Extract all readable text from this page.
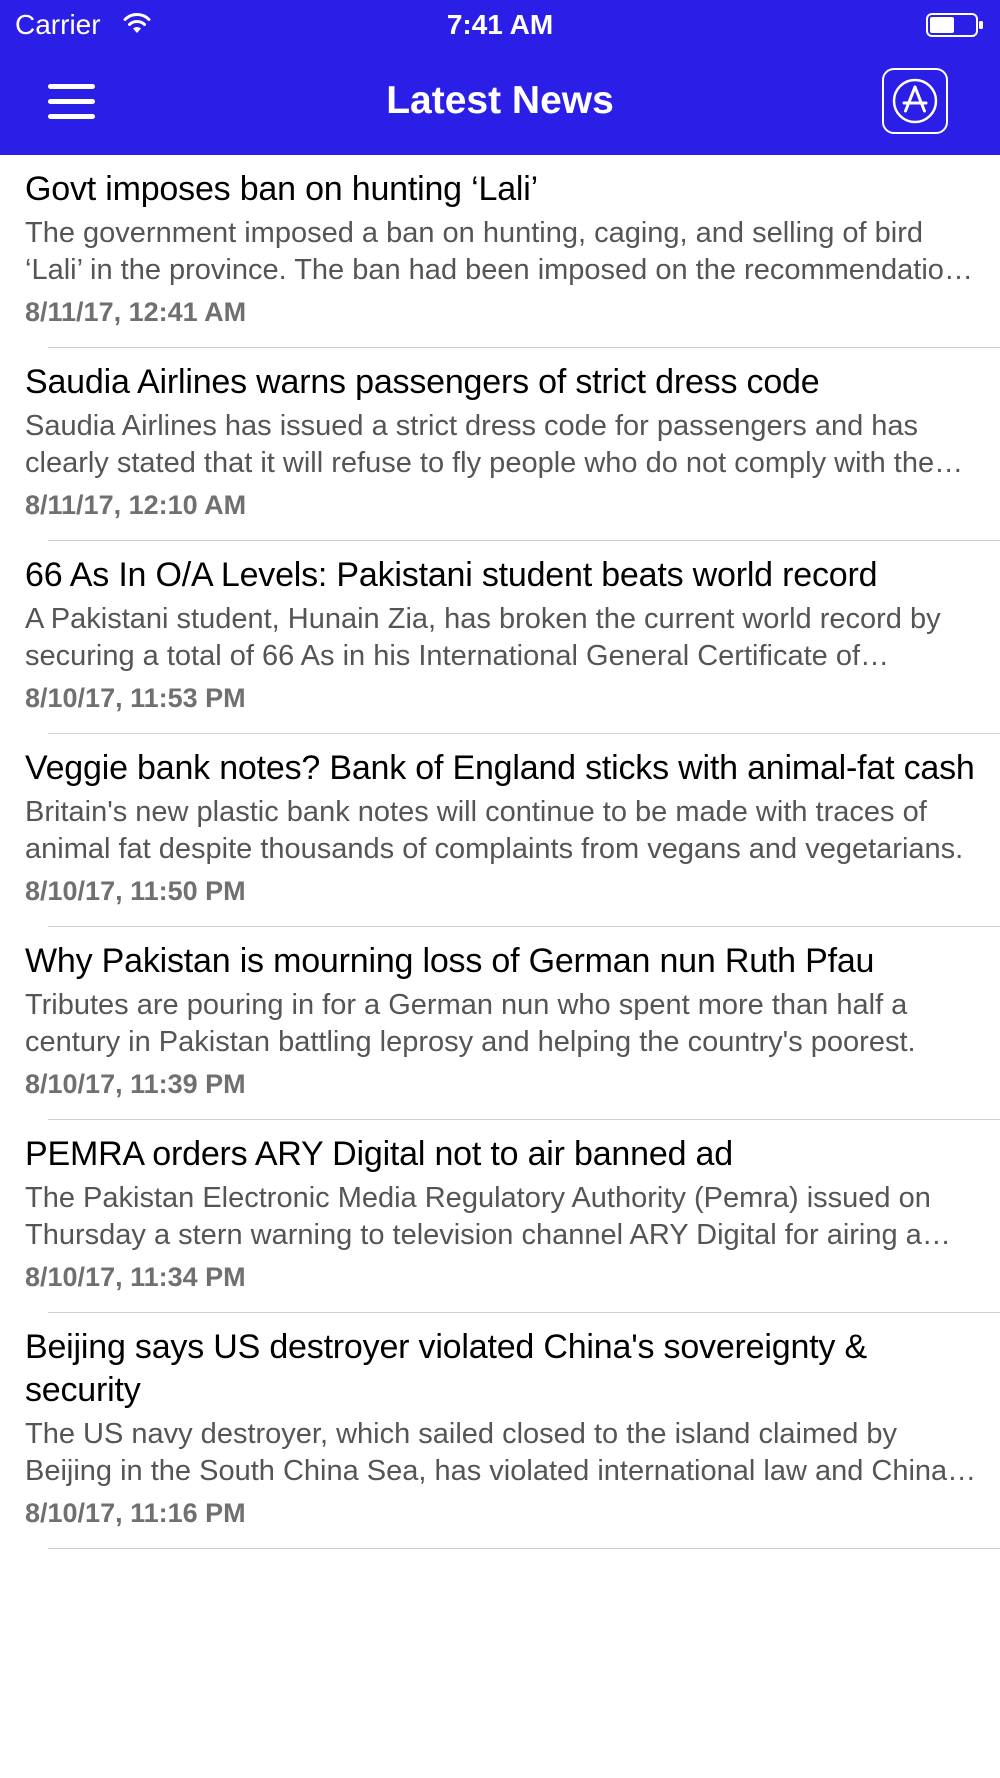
Carrier	7:41 AM
Latest News
Govt imposes ban on hunting ‘Lali’
The government imposed a ban on hunting, caging, and selling of bird ‘Lali’ in the province. The ban had been imposed on the recommendation
8/11/17, 12:41 AM
Saudia Airlines warns passengers of strict dress code
Saudia Airlines has issued a strict dress code for passengers and has clearly stated that it will refuse to fly people who do not comply with the
8/11/17, 12:10 AM
66 As In O/A Levels: Pakistani student beats world record
A Pakistani student, Hunain Zia, has broken the current world record by securing a total of 66 As in his International General Certificate of
8/10/17, 11:53 PM
Veggie bank notes? Bank of England sticks with animal-fat cash
Britain's new plastic bank notes will continue to be made with traces of animal fat despite thousands of complaints from vegans and vegetarians.
8/10/17, 11:50 PM
Why Pakistan is mourning loss of German nun Ruth Pfau
Tributes are pouring in for a German nun who spent more than half a century in Pakistan battling leprosy and helping the country's poorest.
8/10/17, 11:39 PM
PEMRA orders ARY Digital not to air banned ad
The Pakistan Electronic Media Regulatory Authority (Pemra) issued on Thursday a stern warning to television channel ARY Digital for airing a
8/10/17, 11:34 PM
Beijing says US destroyer violated China's sovereignty & security
The US navy destroyer, which sailed closed to the island claimed by Beijing in the South China Sea, has violated international law and China's
8/10/17, 11:16 PM
